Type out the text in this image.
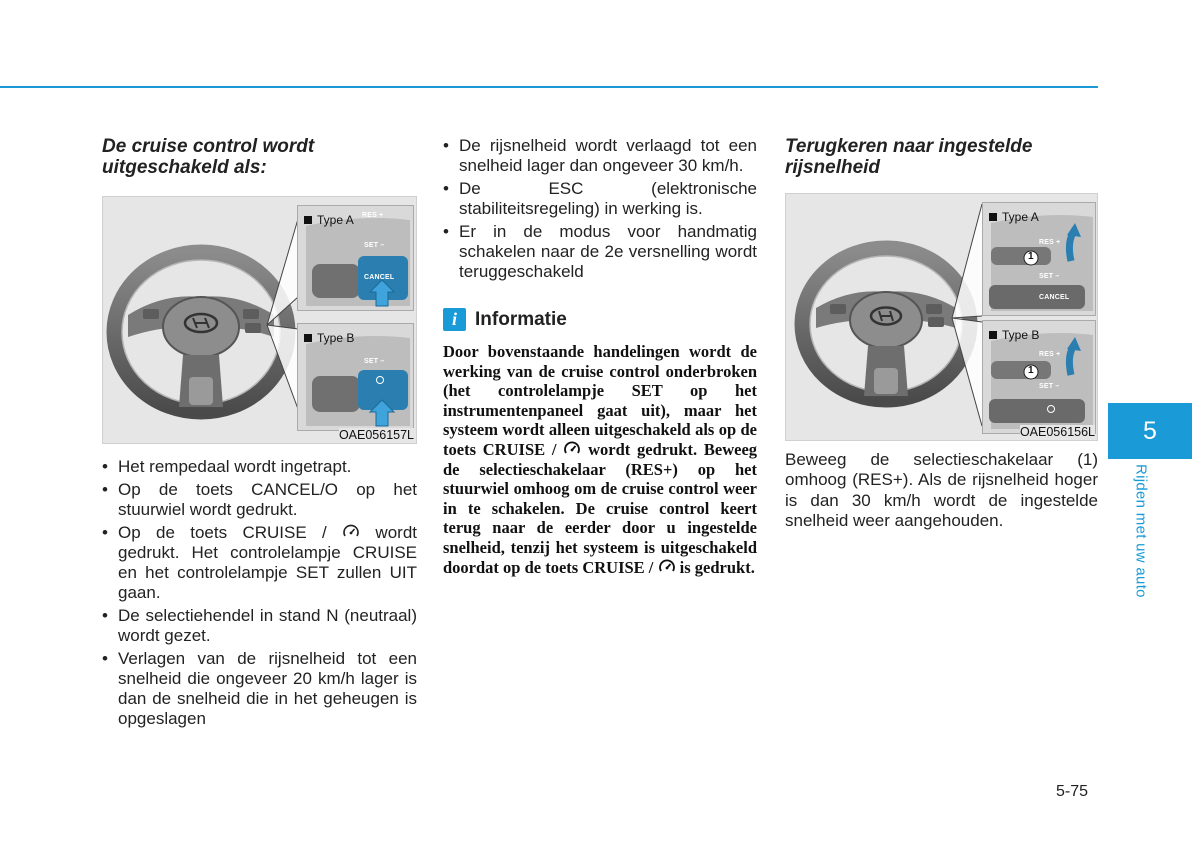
De cruise control wordt
uitgeschakeld als:
Type A RES +
SET –
CANCEL
Type B
SET –
OAE056157L
• Het rempedaal wordt ingetrapt.
• Op de toets CANCEL/O op het stuurwiel wordt gedrukt.
• Op de toets CRUISE /	wordt gedrukt. Het controlelampje CRUISE en het controlelampje SET zullen UIT gaan.
• De selectiehendel in stand N (neutraal) wordt gezet.
• Verlagen van de rijsnelheid tot een snelheid die ongeveer 20 km/h lager is dan de snelheid die in het geheugen is opgeslagen
• De rijsnelheid wordt verlaagd tot een snelheid lager dan ongeveer 30 km/h.
• De ESC (elektronische stabiliteitsregeling) in werking is.
• Er in de modus voor handmatig schakelen naar de 2e versnelling wordt teruggeschakeld
i Informatie
Door bovenstaande handelingen wordt de werking van de cruise control onderbroken (het controlelampje SET op het instrumentenpaneel gaat uit), maar het systeem wordt alleen uitgeschakeld als op de toets CRUISE / wordt gedrukt. Beweeg de selectieschakelaar (RES+) op het stuurwiel omhoog om de cruise control weer in te schakelen. De cruise control keert terug naar de eerder door u ingestelde snelheid, tenzij het systeem is uitgeschakeld doordat op de toets CRUISE / is gedrukt.
Terugkeren naar ingestelde
rijsnelheid
Type A
1
RES +
SET –
CANCEL
Type B
1
RES +
SET –
OAE056156L
Beweeg de selectieschakelaar (1) omhoog (RES+). Als de rijsnelheid hoger is dan 30 km/h wordt de ingestelde snelheid weer aangehouden.
5
Rijden met uw auto
5-75
